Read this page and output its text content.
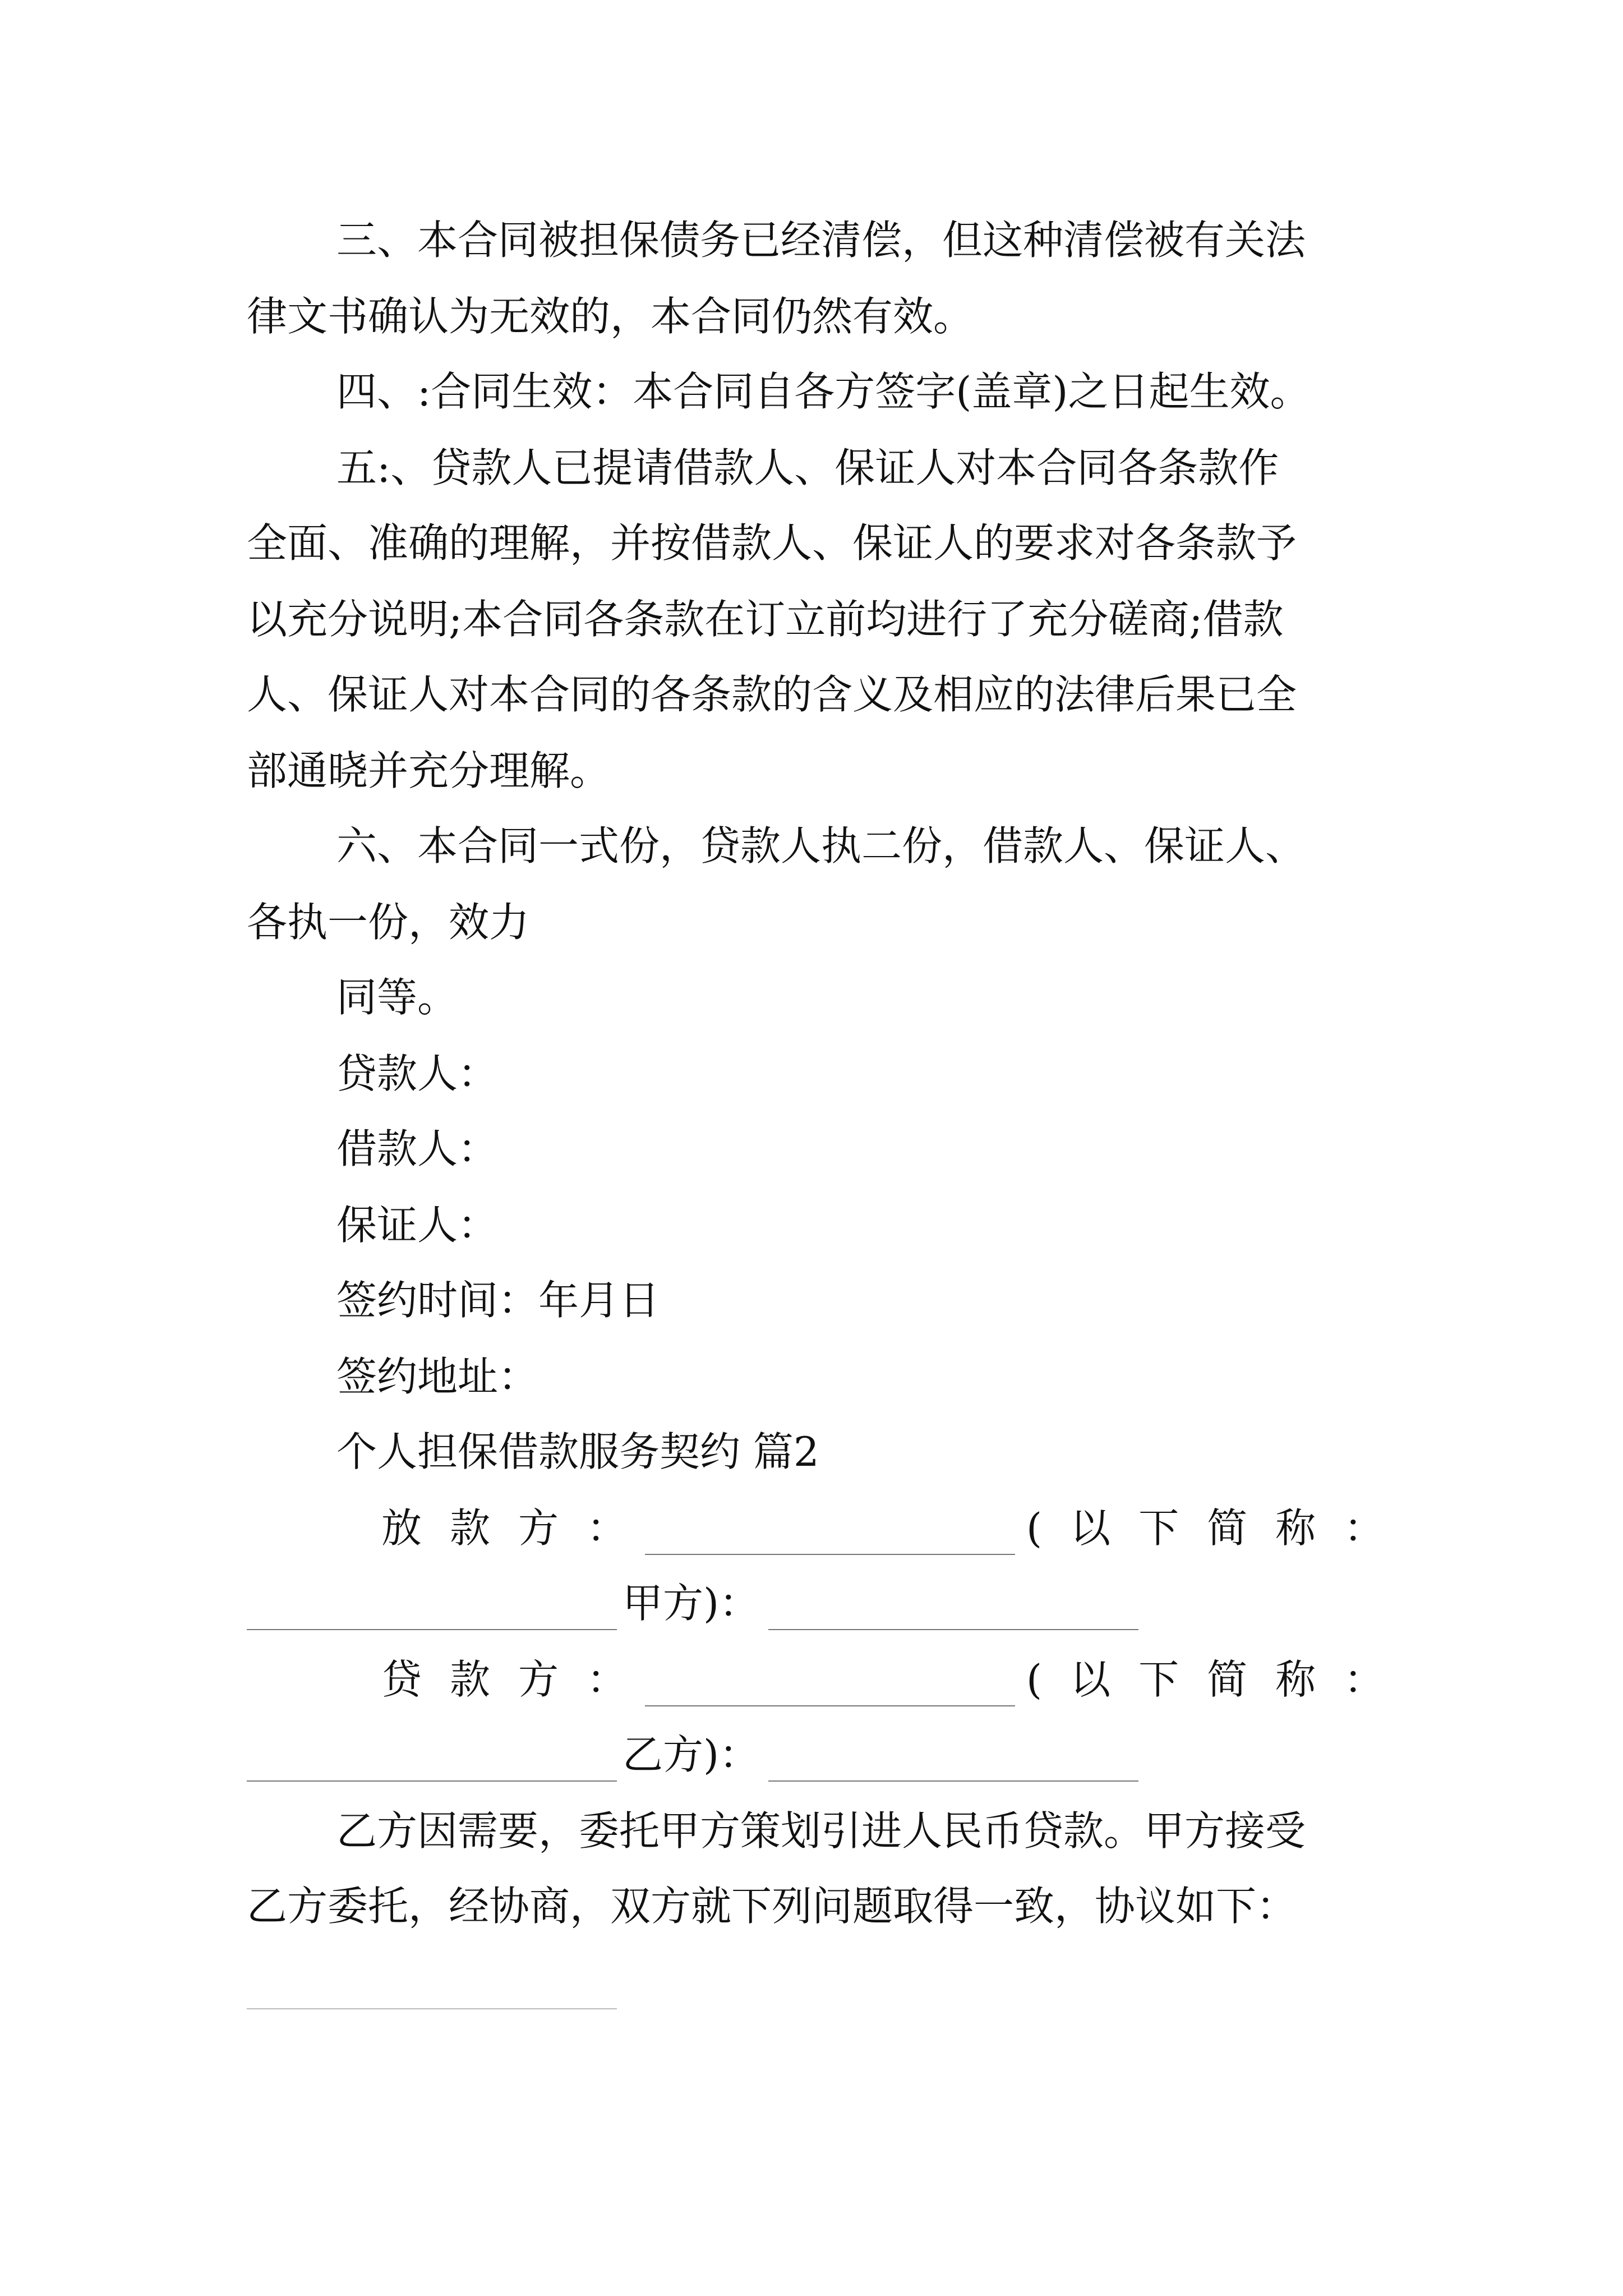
三、本合同被担保债务已经清偿，但这种清偿被有关法
律文书确认为无效的，本合同仍然有效。
四、:合同生效：本合同自各方签字(盖章)之日起生效。
五:、贷款人已提请借款人、保证人对本合同各条款作
全面、准确的理解，并按借款人、保证人的要求对各条款予
以充分说明;本合同各条款在订立前均进行了充分磋商;借款
人、保证人对本合同的各条款的含义及相应的法律后果已全
部通晓并充分理解。
六、本合同一式份，贷款人执二份，借款人、保证人、
各执一份，效力
同等。
贷款人：
借款人：
保证人：
签约时间：年月日
签约地址：
个人担保借款服务契约 篇2
放款方：	(以下简称：
甲方)：
贷款方：	(以下简称：
乙方)：
乙方因需要，委托甲方策划引进人民币贷款。甲方接受
乙方委托，经协商，双方就下列问题取得一致，协议如下：
